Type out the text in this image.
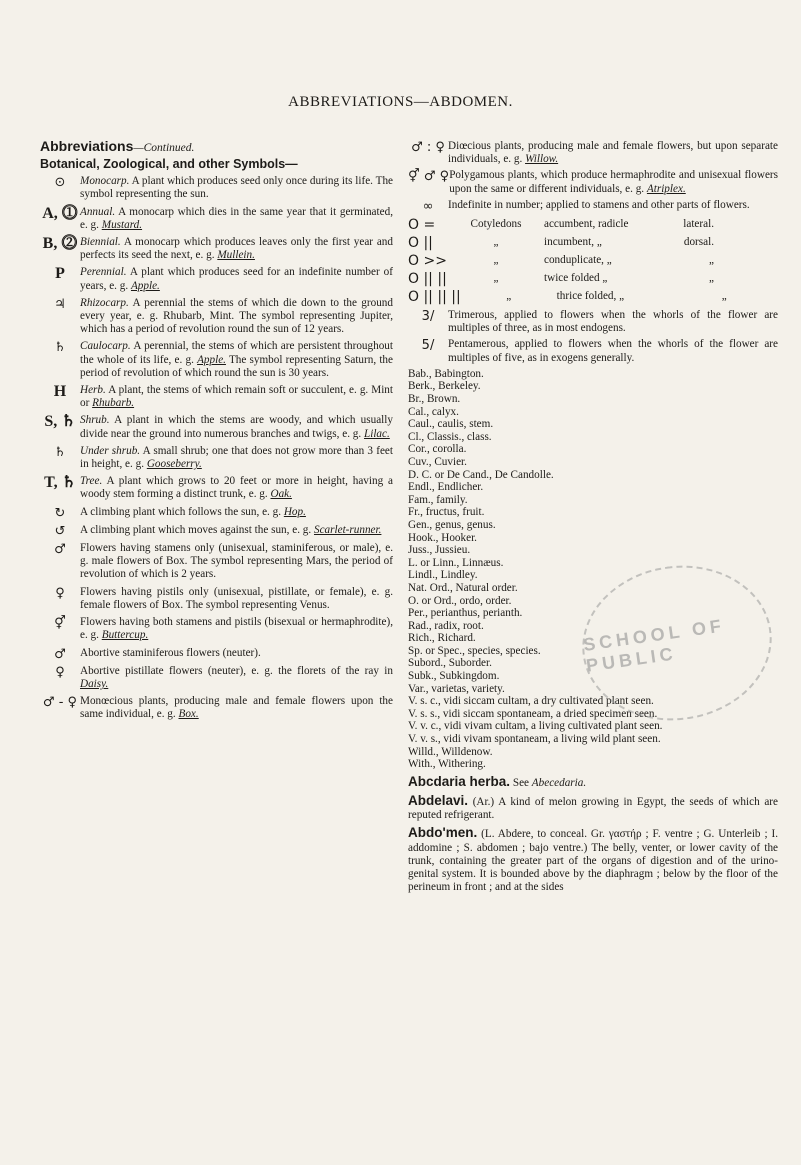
ABBREVIATIONS—ABDOMEN.
Abbreviations—Continued.
Botanical, Zoological, and other Symbols—
⊙	Monocarp. A plant which produces seed only once during its life. The symbol representing the sun.
A, ⓵ Annual. A monocarp which dies in the same year that it germinated, e. g. Mustard.
B, ⓶ Biennial. A monocarp which produces leaves only the first year and perfects its seed the next, e. g. Mullein.
P	Perennial. A plant which produces seed for an indefinite number of years, e. g. Apple.
♃	Rhizocarp. A perennial the stems of which die down to the ground every year, e. g. Rhubarb, Mint. The symbol representing Jupiter, which has a period of revolution round the sun of 12 years.
♄	Caulocarp. A perennial, the stems of which are persistent throughout the whole of its life, e. g. Apple. The symbol representing Saturn, the period of revolution of which round the sun is 30 years.
H	Herb. A plant, the stems of which remain soft or succulent, e. g. Mint or Rhubarb.
S, ♄ Shrub. A plant in which the stems are woody, and which usually divide near the ground into numerous branches and twigs, e. g. Lilac.
♄	Under shrub. A small shrub; one that does not grow more than 3 feet in height, e. g. Gooseberry.
T, ♄ Tree. A plant which grows to 20 feet or more in height, having a woody stem forming a distinct trunk, e. g. Oak.
↻	A climbing plant which follows the sun, e. g. Hop.
↺	A climbing plant which moves against the sun, e. g. Scarlet-runner.
♂	Flowers having stamens only (unisexual, staminiferous, or male), e. g. male flowers of Box. The symbol representing Mars, the period of revolution of which is 2 years.
♀	Flowers having pistils only (unisexual, pistillate, or female), e. g. female flowers of Box. The symbol representing Venus.
⚥	Flowers having both stamens and pistils (bisexual or hermaphrodite), e. g. Buttercup.
♂	Abortive staminiferous flowers (neuter).
♀	Abortive pistillate flowers (neuter), e. g. the florets of the ray in Daisy.
♂ - ♀ Monœcious plants, producing male and female flowers upon the same individual, e. g. Box.
♂ : ♀ Diœcious plants, producing male and female flowers, but upon separate individuals, e. g. Willow.
⚥ ♂ ♀ Polygamous plants, which produce hermaphrodite and unisexual flowers upon the same or different individuals, e. g. Atriplex.
∞	Indefinite in number; applied to stamens and other parts of flowers.
O =	Cotyledons	accumbent, radicle	lateral.
O ||	„	incumbent, „	dorsal.
O >>	„	conduplicate, „	„
O || ||	„	twice folded „	„
O || || ||	„	thrice folded, „	„
3/	Trimerous, applied to flowers when the whorls of the flower are multiples of three, as in most endogens.
5/	Pentamerous, applied to flowers when the whorls of the flower are multiples of five, as in exogens generally.
Bab., Babington.
Berk., Berkeley.
Br., Brown.
Cal., calyx.
Caul., caulis, stem.
Cl., Classis., class.
Cor., corolla.
Cuv., Cuvier.
D. C. or De Cand., De Candolle.
Endl., Endlicher.
Fam., family.
Fr., fructus, fruit.
Gen., genus, genus.
Hook., Hooker.
Juss., Jussieu.
L. or Linn., Linnæus.
Lindl., Lindley.
Nat. Ord., Natural order.
O. or Ord., ordo, order.
Per., perianthus, perianth.
Rad., radix, root.
Rich., Richard.
Sp. or Spec., species, species.
Subord., Suborder.
Subk., Subkingdom.
Var., varietas, variety.
V. s. c., vidi siccam cultam, a dry cultivated plant seen.
V. s. s., vidi siccam spontaneam, a dried specimen seen.
V. v. c., vidi vivam cultam, a living cultivated plant seen.
V. v. s., vidi vivam spontaneam, a living wild plant seen.
Willd., Willdenow.
With., Withering.
Abcdaria herba. See Abecedaria.
Abdelavi. (Ar.) A kind of melon growing in Egypt, the seeds of which are reputed refrigerant.
Abdo'men. (L. Abdere, to conceal. Gr. γαστήρ ; F. ventre ; G. Unterleib ; I. addomine ; S. abdomen ; bajo ventre.) The belly, venter, or lower cavity of the trunk, containing the greater part of the organs of digestion and of the urino-genital system. It is bounded above by the diaphragm ; below by the floor of the perineum in front ; and at the sides
SCHOOL OF PUBLIC
